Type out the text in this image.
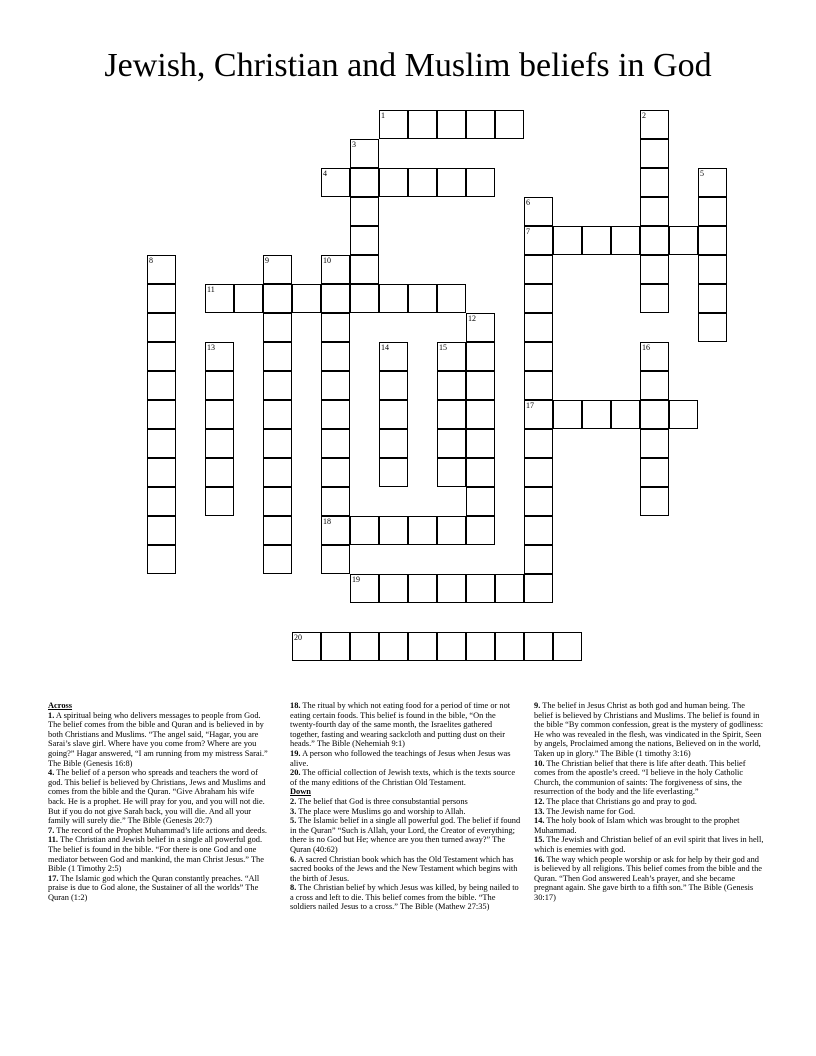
Jewish, Christian and Muslim beliefs in God
1	2
3
4	5
6
7
8	9	10
11
12
13	14	15	16
17
18
19
20

Across

1. A spiritual being who delivers messages to people from God. The belief comes from the bible and Quran and is believed in by both Christians and Muslims. “The angel said, “Hagar, you are Sarai’s slave girl. Where have you come from? Where are you going?” Hagar answered, “I am running from my mistress Sarai.” The Bible (Genesis 16:8)

4. The belief of a person who spreads and teachers the word of god. This belief is believed by Christians, Jews and Muslims and comes from the bible and the Quran. “Give Abraham his wife back. He is a prophet. He will pray for you, and you will not die. But if you do not give Sarah back, you will die. And all your family will surely die.” The Bible (Genesis 20:7)

7. The record of the Prophet Muhammad’s life actions and deeds.

11. The Christian and Jewish belief in a single all powerful god. The belief is found in the bible. “For there is one God and one mediator between God and mankind, the man Christ Jesus.” The Bible (1 Timothy 2:5)

17. The Islamic god which the Quran constantly preaches. “All praise is due to God alone, the Sustainer of all the worlds” The Quran (1:2)

18. The ritual by which not eating food for a period of time or not eating certain foods. This belief is found in the bible, “On the twenty-fourth day of the same month, the Israelites gathered together, fasting and wearing sackcloth and putting dust on their heads.” The Bible (Nehemiah 9:1)

19. A person who followed the teachings of Jesus when Jesus was alive.

20. The official collection of Jewish texts, which is the texts source of the many editions of the Christian Old Testament.

Down

2. The belief that God is three consubstantial persons

3. The place were Muslims go and worship to Allah.

5. The Islamic belief in a single all powerful god. The belief if found in the Quran” “Such is Allah, your Lord, the Creator of everything; there is no God but He; whence are you then turned away?” The Quran (40:62)

6. A sacred Christian book which has the Old Testament which has sacred books of the Jews and the New Testament which begins with the birth of Jesus.

8. The Christian belief by which Jesus was killed, by being nailed to a cross and left to die. This belief comes from the bible. “The soldiers nailed Jesus to a cross.” The Bible (Mathew 27:35)

9. The belief in Jesus Christ as both god and human being. The belief is believed by Christians and Muslims. The belief is found in the bible “By common confession, great is the mystery of godliness: He who was revealed in the flesh, was vindicated in the Spirit, Seen by angels, Proclaimed among the nations, Believed on in the world, Taken up in glory.” The Bible (1 timothy 3:16)

10. The Christian belief that there is life after death. This belief comes from the apostle’s creed. “I believe in the holy Catholic Church, the communion of saints: The forgiveness of sins, the resurrection of the body and the life everlasting.”

12. The place that Christians go and pray to god.

13. The Jewish name for God.

14. The holy book of Islam which was brought to the prophet Muhammad.

15. The Jewish and Christian belief of an evil spirit that lives in hell, which is enemies with god.

16. The way which people worship or ask for help by their god and is believed by all religions. This belief comes from the bible and the Quran. “Then God answered Leah’s prayer, and she became pregnant again. She gave birth to a fifth son.” The Bible (Genesis 30:17)
